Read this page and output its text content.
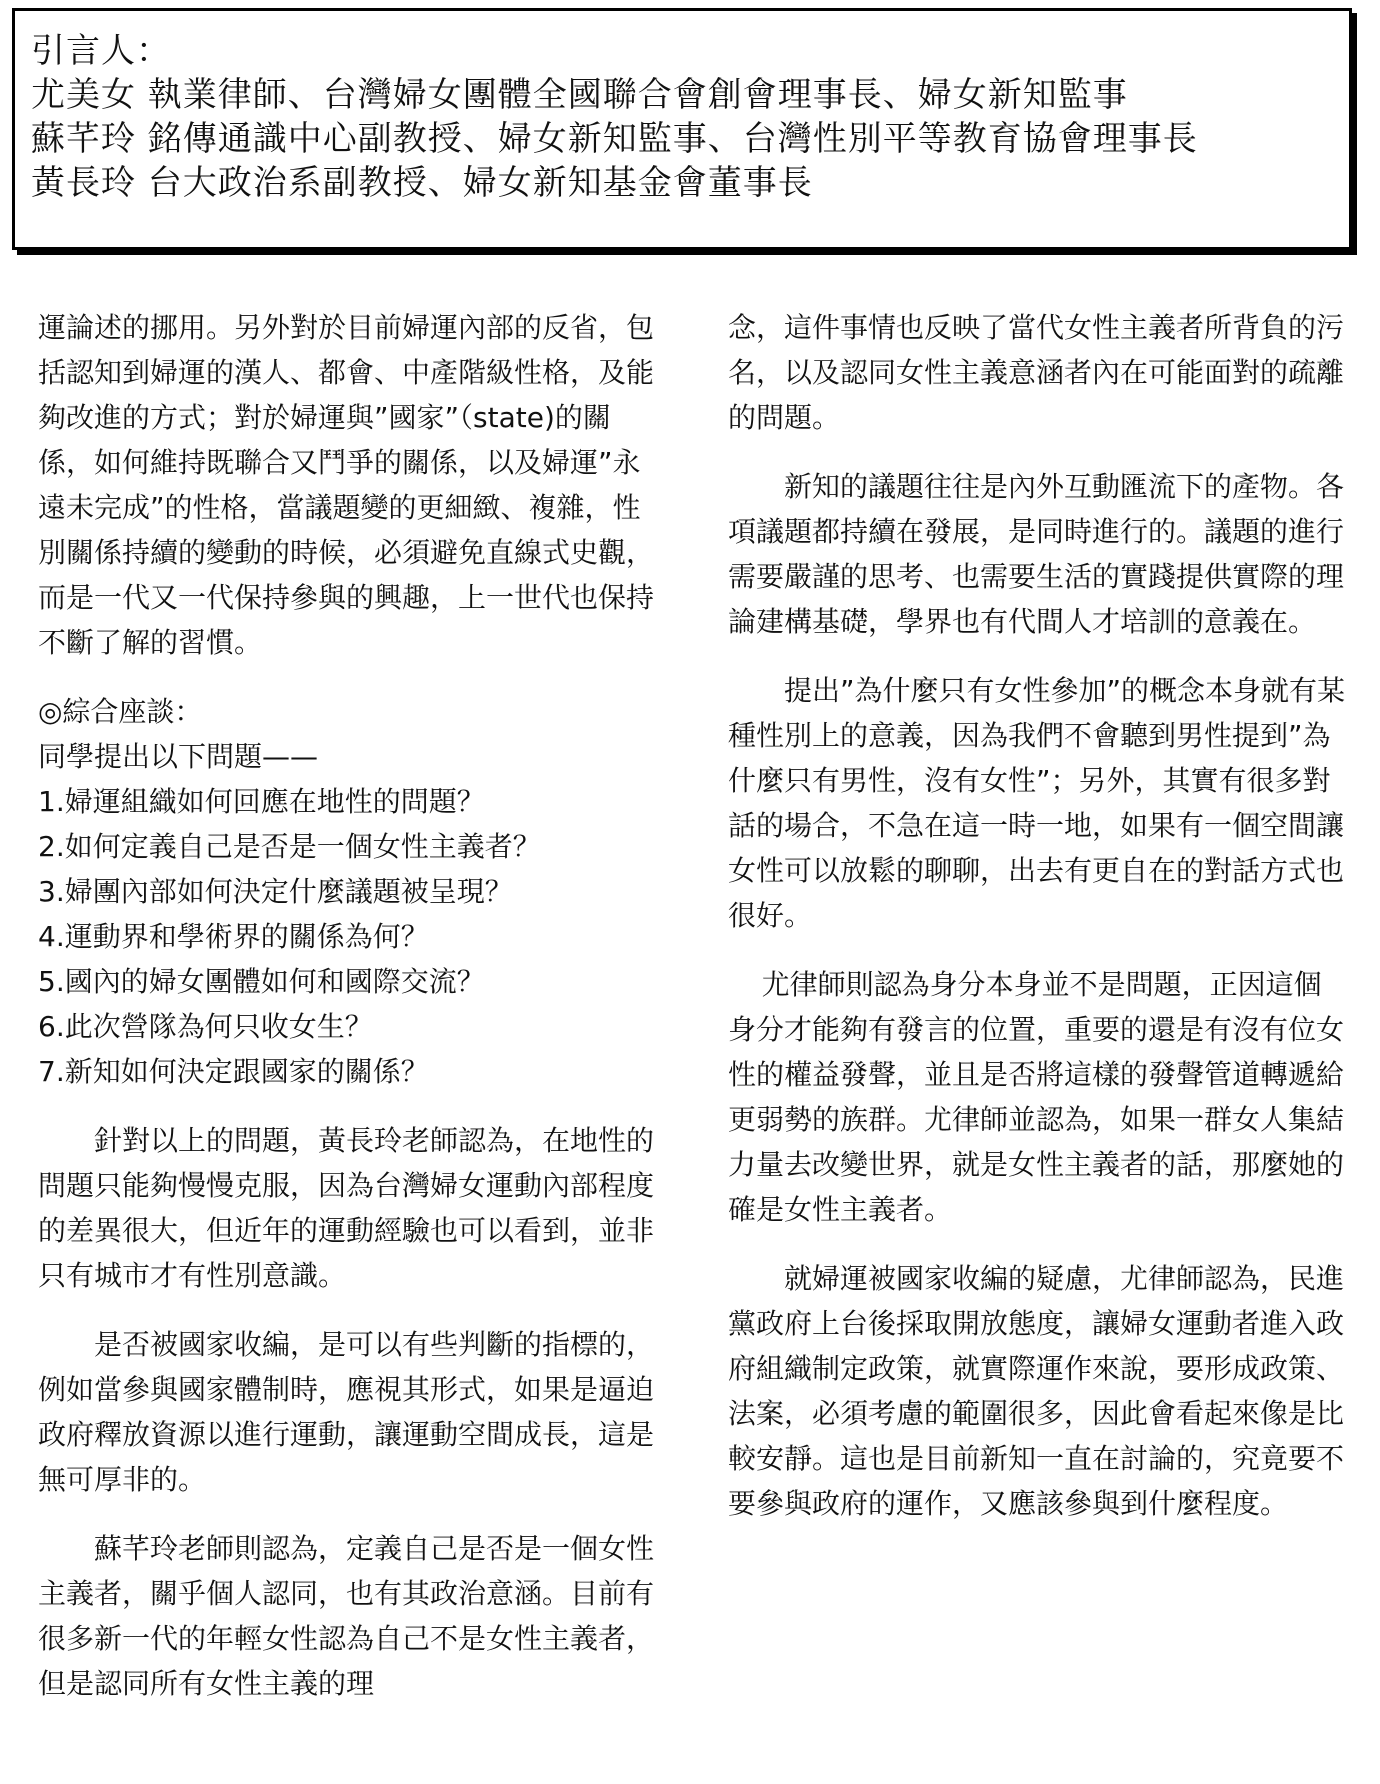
引言人：
尤美女 執業律師、台灣婦女團體全國聯合會創會理事長、婦女新知監事
蘇芊玲 銘傳通識中心副教授、婦女新知監事、台灣性別平等教育協會理事長
黃長玲 台大政治系副教授、婦女新知基金會董事長

運論述的挪用。另外對於目前婦運內部的反省，包括認知到婦運的漢人、都會、中產階級性格，及能夠改進的方式；對於婦運與”國家”（state)的關係，如何維持既聯合又鬥爭的關係，以及婦運”永遠未完成”的性格，當議題變的更細緻、複雜，性別關係持續的變動的時候，必須避免直線式史觀，而是一代又一代保持參與的興趣，上一世代也保持不斷了解的習慣。

◎綜合座談：

同學提出以下問題——

1.婦運組織如何回應在地性的問題？
2.如何定義自己是否是一個女性主義者？
3.婦團內部如何決定什麼議題被呈現？
4.運動界和學術界的關係為何？
5.國內的婦女團體如何和國際交流？
6.此次營隊為何只收女生？
7.新知如何決定跟國家的關係？

針對以上的問題，黃長玲老師認為，在地性的問題只能夠慢慢克服，因為台灣婦女運動內部程度的差異很大，但近年的運動經驗也可以看到，並非只有城市才有性別意識。

是否被國家收編，是可以有些判斷的指標的，例如當參與國家體制時，應視其形式，如果是逼迫政府釋放資源以進行運動，讓運動空間成長，這是無可厚非的。

蘇芊玲老師則認為，定義自己是否是一個女性主義者，關乎個人認同，也有其政治意涵。目前有很多新一代的年輕女性認為自己不是女性主義者，但是認同所有女性主義的理

念，這件事情也反映了當代女性主義者所背負的污名，以及認同女性主義意涵者內在可能面對的疏離的問題。

新知的議題往往是內外互動匯流下的產物。各項議題都持續在發展，是同時進行的。議題的進行需要嚴謹的思考、也需要生活的實踐提供實際的理論建構基礎，學界也有代間人才培訓的意義在。

提出”為什麼只有女性參加”的概念本身就有某種性別上的意義，因為我們不會聽到男性提到”為什麼只有男性，沒有女性”；另外，其實有很多對話的場合，不急在這一時一地，如果有一個空間讓女性可以放鬆的聊聊，出去有更自在的對話方式也很好。

尤律師則認為身分本身並不是問題，正因這個身分才能夠有發言的位置，重要的還是有沒有位女性的權益發聲，並且是否將這樣的發聲管道轉遞給更弱勢的族群。尤律師並認為，如果一群女人集結力量去改變世界，就是女性主義者的話，那麼她的確是女性主義者。

就婦運被國家收編的疑慮，尤律師認為，民進黨政府上台後採取開放態度，讓婦女運動者進入政府組織制定政策，就實際運作來說，要形成政策、法案，必須考慮的範圍很多，因此會看起來像是比較安靜。這也是目前新知一直在討論的，究竟要不要參與政府的運作，又應該參與到什麼程度。
